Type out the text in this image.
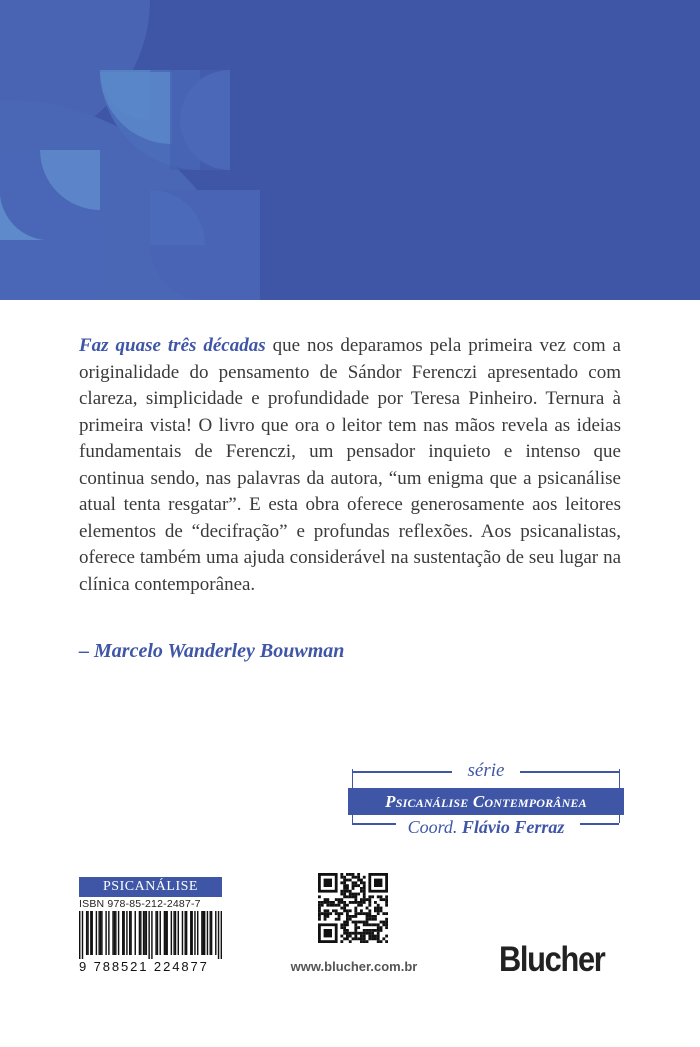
Faz quase três décadas que nos deparamos pela primeira vez com a originalidade do pensamento de Sándor Ferenczi apresentado com clareza, simplicidade e profundidade por Teresa Pinheiro. Ternura à primeira vista! O livro que ora o leitor tem nas mãos revela as ideias fundamentais de Ferenczi, um pensador inquieto e intenso que continua sendo, nas palavras da autora, “um enigma que a psicanálise atual tenta resgatar”. E esta obra oferece generosamente aos leitores elementos de “decifração” e profundas reflexões. Aos psicanalistas, oferece também uma ajuda considerável na sustentação de seu lugar na clínica contemporânea.

– Marcelo Wanderley Bouwman
série
Psicanálise Contemporânea
Coord. Flávio Ferraz
PSICANÁLISE
ISBN 978-85-212-2487-7
9 788521 224877	www.blucher.com.br Blucher
